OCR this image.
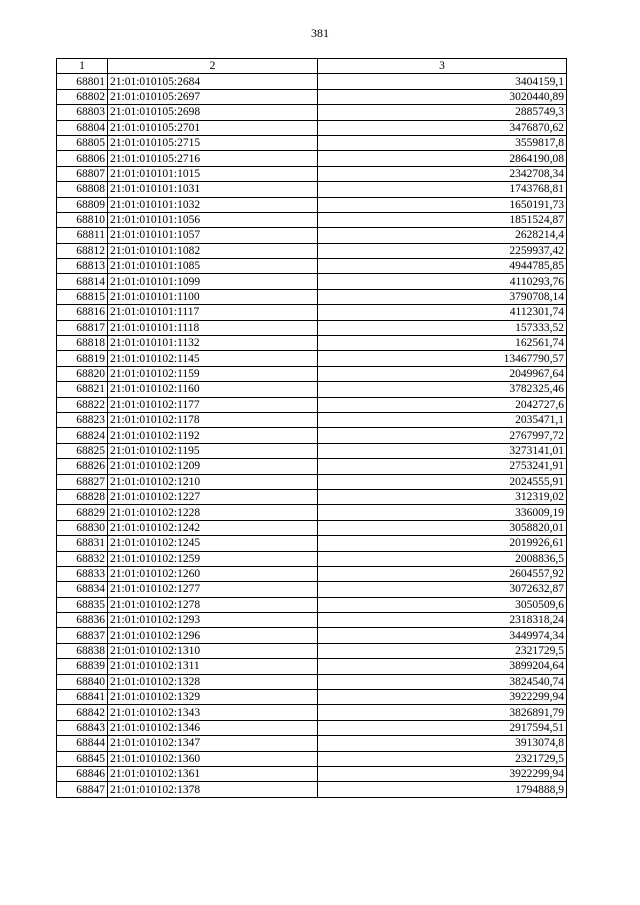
381
1	2	3
68801	21:01:010105:2684	3404159,1
68802	21:01:010105:2697	3020440,89
68803	21:01:010105:2698	2885749,3
68804	21:01:010105:2701	3476870,62
68805	21:01:010105:2715	3559817,8
68806	21:01:010105:2716	2864190,08
68807	21:01:010101:1015	2342708,34
68808	21:01:010101:1031	1743768,81
68809	21:01:010101:1032	1650191,73
68810	21:01:010101:1056	1851524,87
68811	21:01:010101:1057	2628214,4
68812	21:01:010101:1082	2259937,42
68813	21:01:010101:1085	4944785,85
68814	21:01:010101:1099	4110293,76
68815	21:01:010101:1100	3790708,14
68816	21:01:010101:1117	4112301,74
68817	21:01:010101:1118	157333,52
68818	21:01:010101:1132	162561,74
68819	21:01:010102:1145	13467790,57
68820	21:01:010102:1159	2049967,64
68821	21:01:010102:1160	3782325,46
68822	21:01:010102:1177	2042727,6
68823	21:01:010102:1178	2035471,1
68824	21:01:010102:1192	2767997,72
68825	21:01:010102:1195	3273141,01
68826	21:01:010102:1209	2753241,91
68827	21:01:010102:1210	2024555,91
68828	21:01:010102:1227	312319,02
68829	21:01:010102:1228	336009,19
68830	21:01:010102:1242	3058820,01
68831	21:01:010102:1245	2019926,61
68832	21:01:010102:1259	2008836,5
68833	21:01:010102:1260	2604557,92
68834	21:01:010102:1277	3072632,87
68835	21:01:010102:1278	3050509,6
68836	21:01:010102:1293	2318318,24
68837	21:01:010102:1296	3449974,34
68838	21:01:010102:1310	2321729,5
68839	21:01:010102:1311	3899204,64
68840	21:01:010102:1328	3824540,74
68841	21:01:010102:1329	3922299,94
68842	21:01:010102:1343	3826891,79
68843	21:01:010102:1346	2917594,51
68844	21:01:010102:1347	3913074,8
68845	21:01:010102:1360	2321729,5
68846	21:01:010102:1361	3922299,94
68847	21:01:010102:1378	1794888,9
